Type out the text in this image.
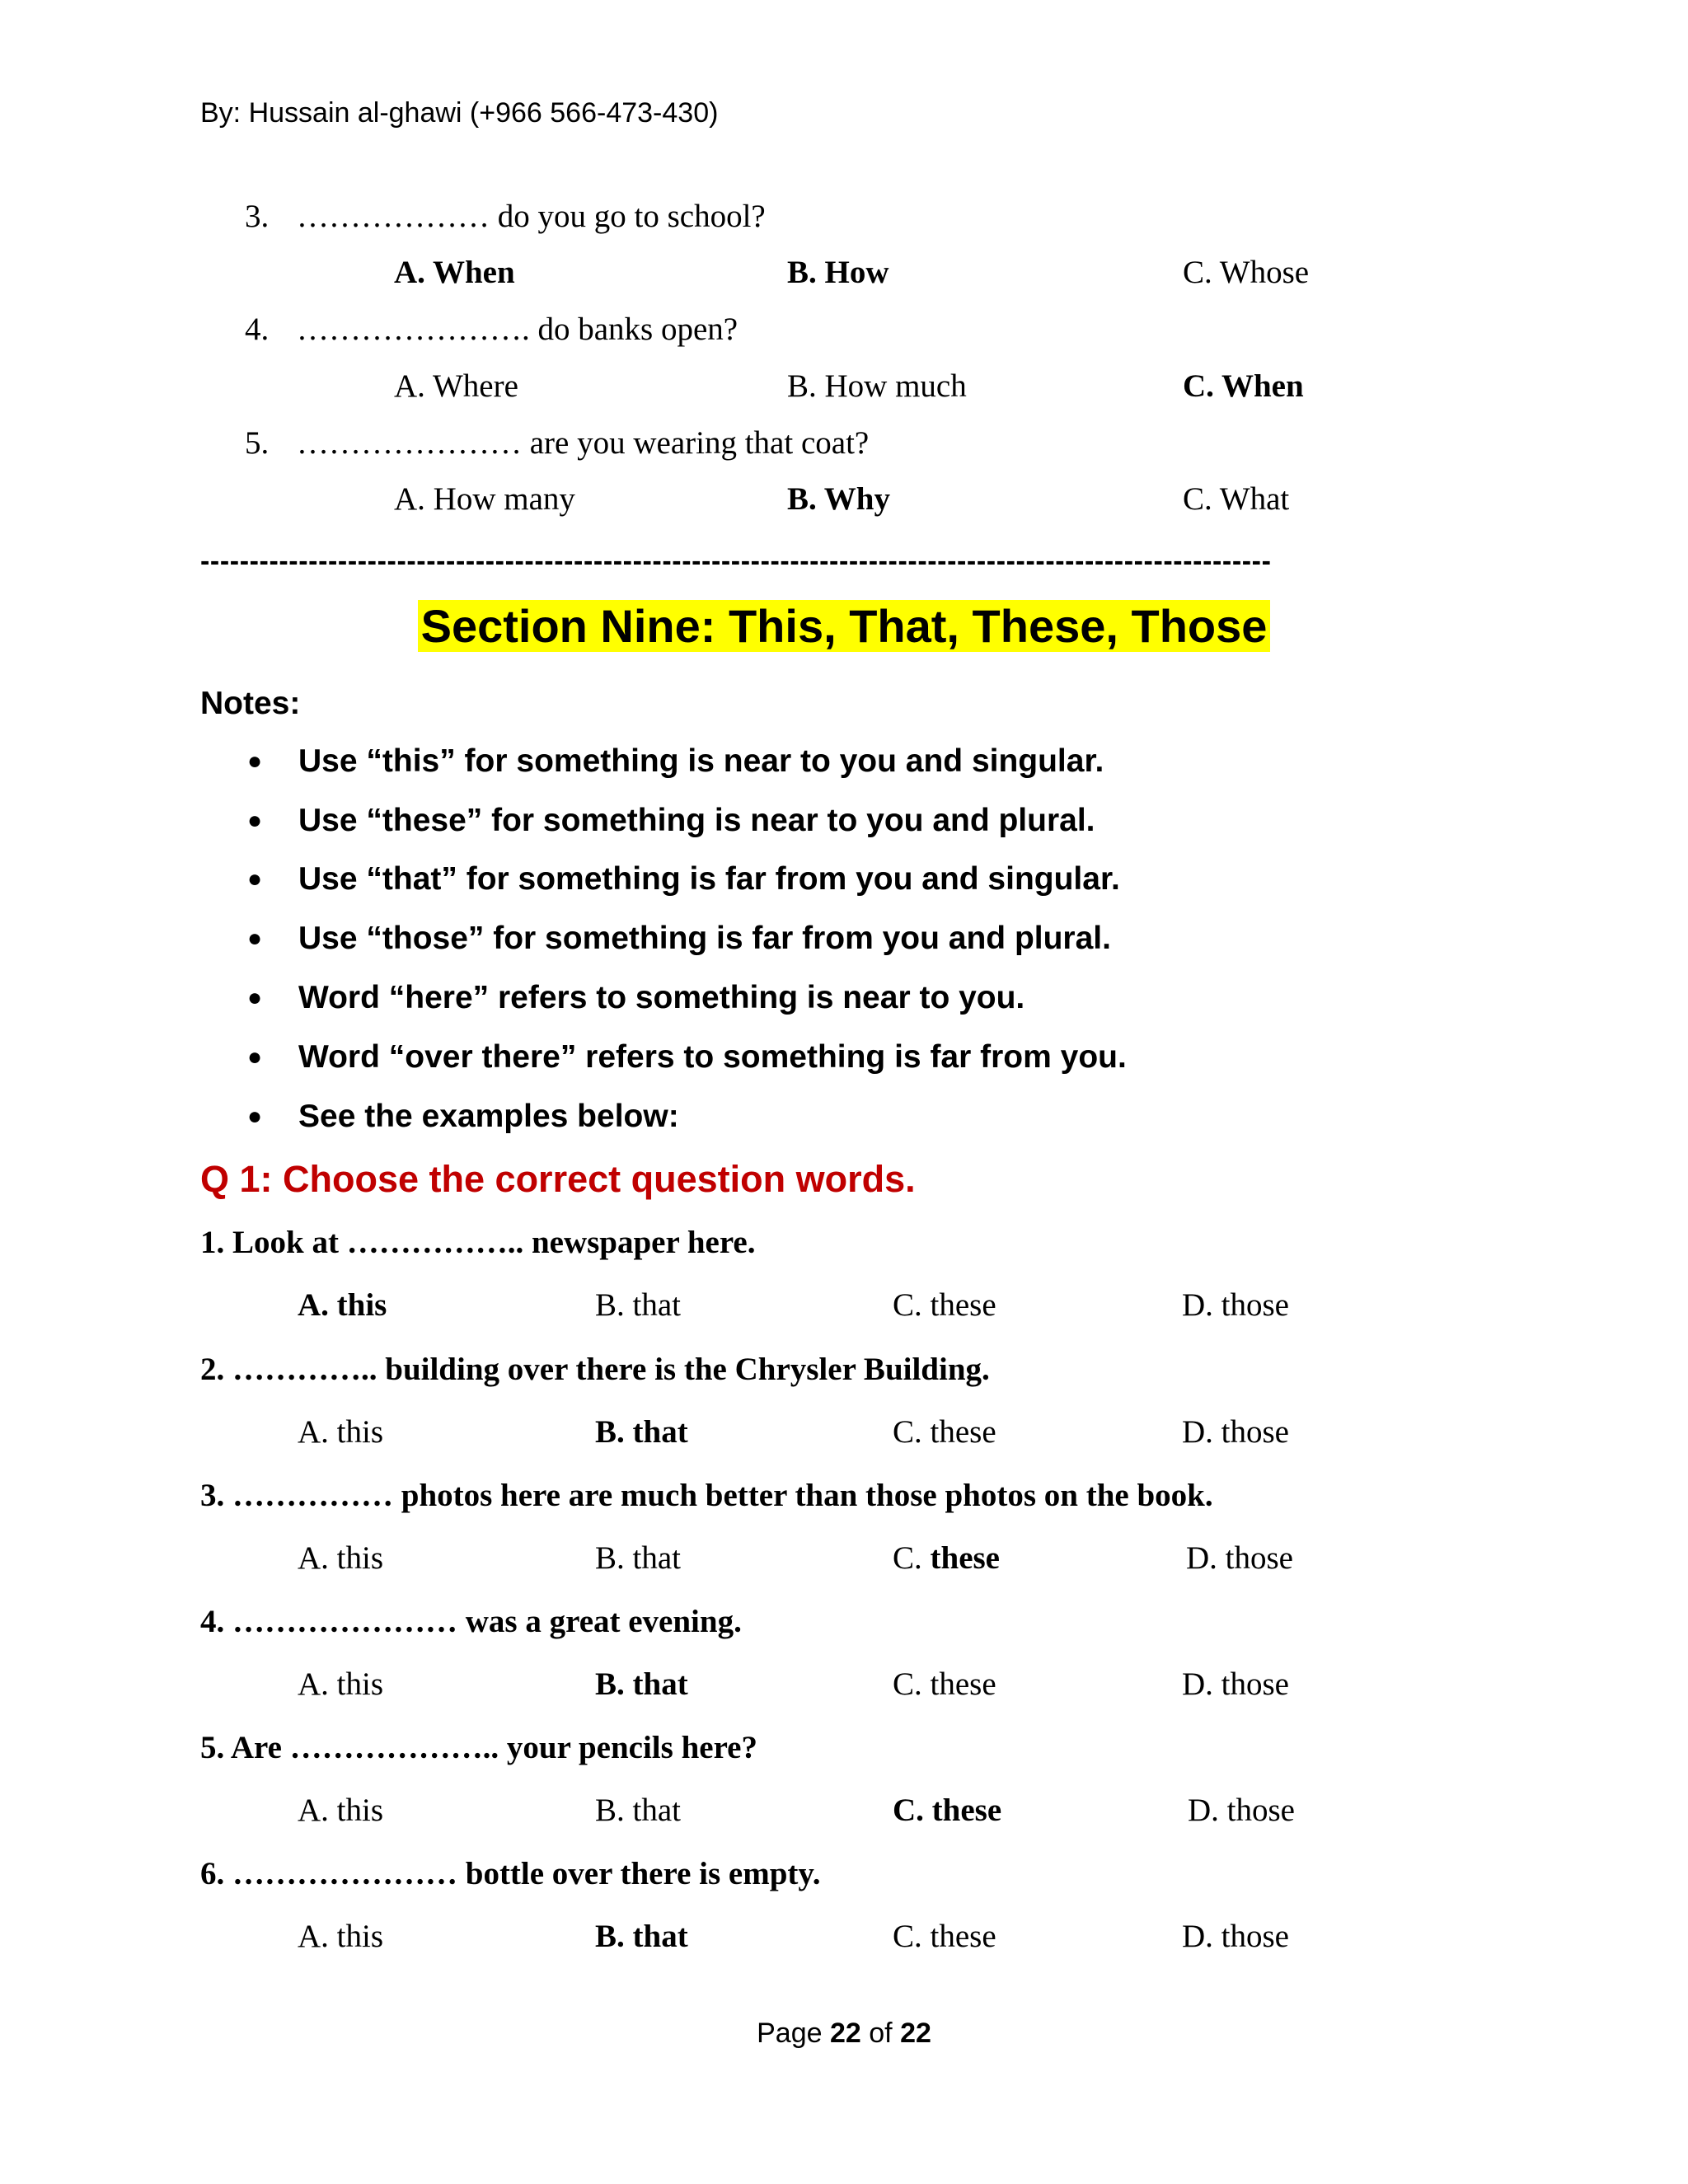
By: Hussain al-ghawi (+966 566-473-430)
3. ……………… do you go to school?
A. When	B. How	C. Whose
4. …………………. do banks open?
A. Where	B. How much	C. When
5. ………………… are you wearing that coat?
A. How many	B. Why	C. What
-------------------------------------------------------------------------------------------------------------
Section Nine: This, That, These, Those
Notes:
● Use “this” for something is near to you and singular.
● Use “these” for something is near to you and plural.
● Use “that” for something is far from you and singular.
● Use “those” for something is far from you and plural.
● Word “here” refers to something is near to you.
● Word “over there” refers to something is far from you.
● See the examples below:
Q 1: Choose the correct question words.
1. Look at …………….. newspaper here.
A. this	B. that	C. these	D. those
2. ………….. building over there is the Chrysler Building.
A. this	B. that	C. these	D. those
3. …………… photos here are much better than those photos on the book.
A. this	B. that	C. these	D. those
4. ………………… was a great evening.
A. this	B. that	C. these	D. those
5. Are ……………….. your pencils here?
A. this	B. that	C. these	D. those
6. ………………… bottle over there is empty.
A. this	B. that	C. these	D. those
Page 22 of 22
